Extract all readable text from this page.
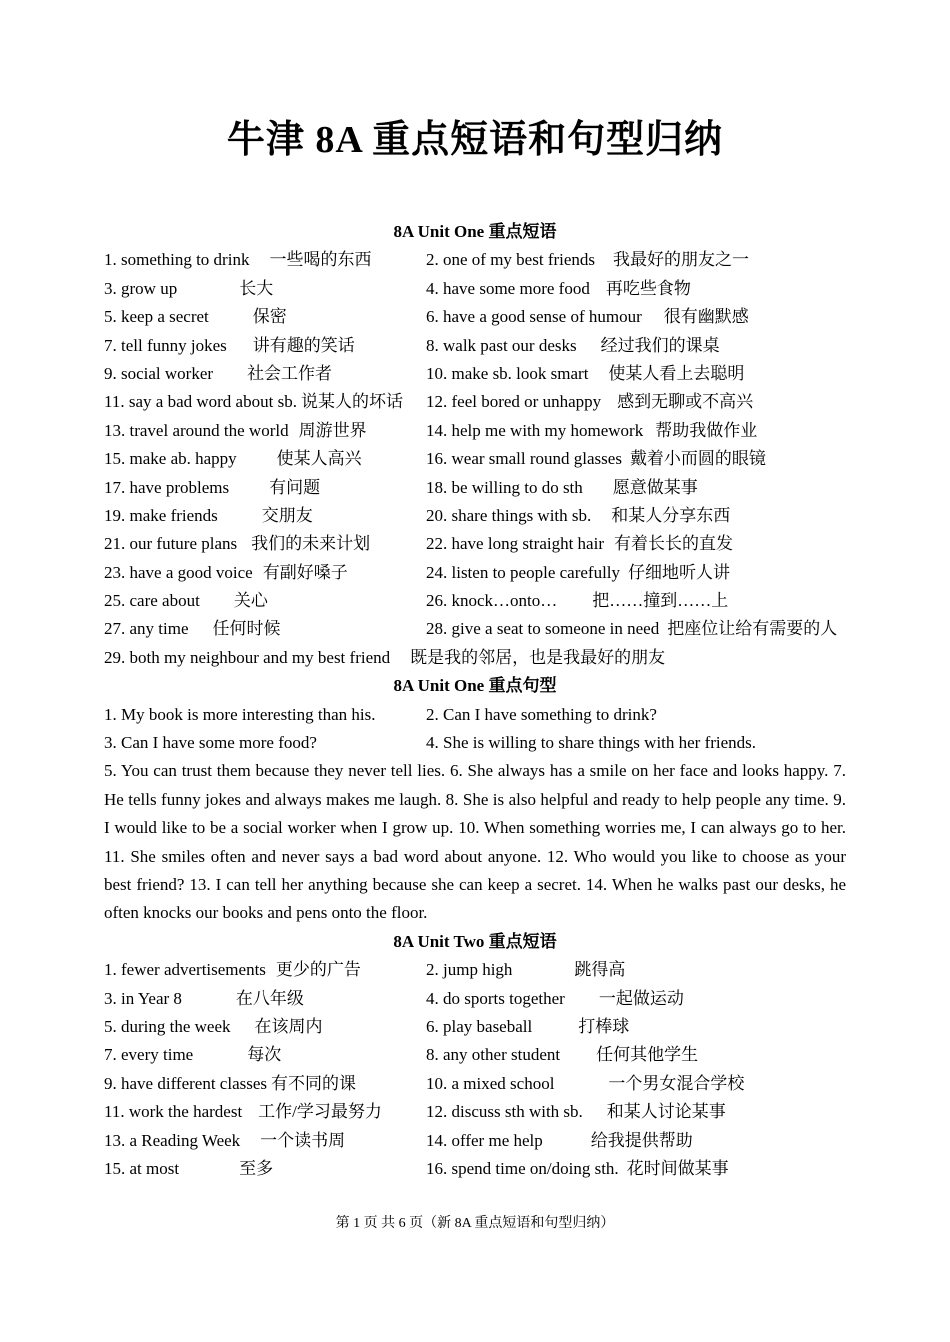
牛津 8A 重点短语和句型归纳
8A Unit One 重点短语
1. something to drink 一些喝的东西	2. one of my best friends 我最好的朋友之一
3. grow up	长大	4. have some more food 再吃些食物
5. keep a secret	保密	6. have a good sense of humour 很有幽默感
7. tell funny jokes 讲有趣的笑话	8. walk past our desks 经过我们的课桌
9. social worker 社会工作者	10. make sb. look smart 使某人看上去聪明
11. say a bad word about sb. 说某人的坏话 12. feel bored or unhappy 感到无聊或不高兴
13. travel around the world 周游世界	14. help me with my homework 帮助我做作业
15. make ab. happy 使某人高兴	16. wear small round glasses 戴着小而圆的眼镜
17. have problems 有问题	18. be willing to do sth 愿意做某事
19. make friends	交朋友	20. share things with sb. 和某人分享东西
21. our future plans 我们的未来计划	22. have long straight hair 有着长长的直发
23. have a good voice 有副好嗓子	24. listen to people carefully 仔细地听人讲
25. care about 关心	26. knock…onto… 把……撞到……上
27. any time 任何时候	28. give a seat to someone in need 把座位让给有需要的人
29. both my neighbour and my best friend 既是我的邻居，也是我最好的朋友
8A Unit One 重点句型
1. My book is more interesting than his.	2. Can I have something to drink?
3. Can I have some more food?	4. She is willing to share things with her friends.
5. You can trust them because they never tell lies. 6. She always has a smile on her face and looks happy. 7. He tells funny jokes and always makes me laugh. 8. She is also helpful and ready to help people any time. 9. I would like to be a social worker when I grow up. 10. When something worries me, I can always go to her. 11. She smiles often and never says a bad word about anyone. 12. Who would you like to choose as your best friend? 13. I can tell her anything because she can keep a secret. 14. When he walks past our desks, he often knocks our books and pens onto the floor.
8A Unit Two 重点短语
1. fewer advertisements 更少的广告	2. jump high	跳得高
3. in Year 8	在八年级	4. do sports together 一起做运动
5. during the week 在该周内	6. play baseball	打棒球
7. every time	每次	8. any other student 任何其他学生
9. have different classes 有不同的课	10. a mixed school	一个男女混合学校
11. work the hardest 工作/学习最努力	12. discuss sth with sb. 和某人讨论某事
13. a Reading Week 一个读书周	14. offer me help	给我提供帮助
15. at most	至多	16. spend time on/doing sth. 花时间做某事
第 1 页 共 6 页（新 8A 重点短语和句型归纳）
